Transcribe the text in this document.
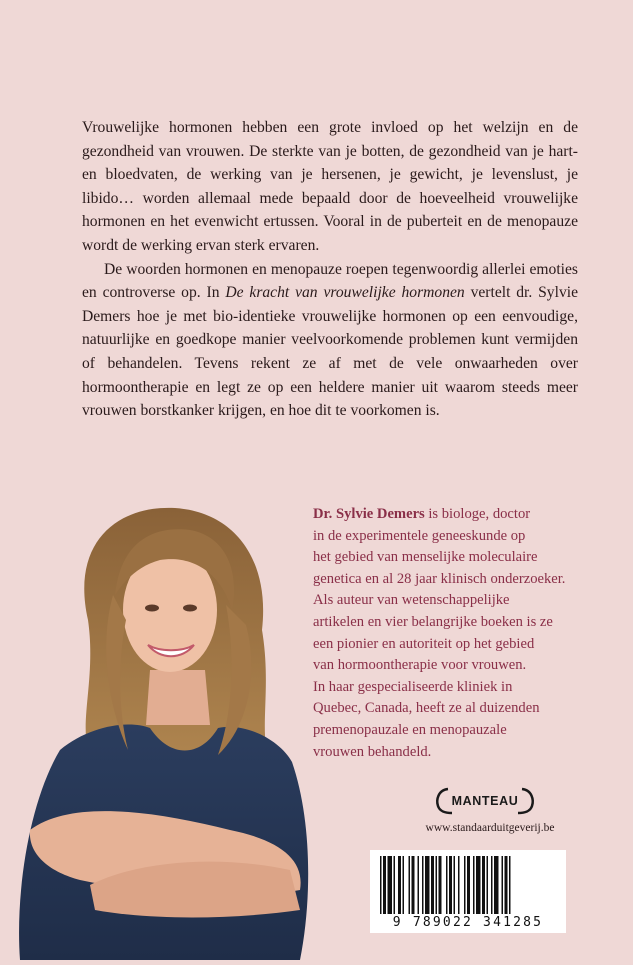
Vrouwelijke hormonen hebben een grote invloed op het welzijn en de gezondheid van vrouwen. De sterkte van je botten, de gezondheid van je hart- en bloedvaten, de werking van je hersenen, je gewicht, je levenslust, je libido… worden allemaal mede bepaald door de hoeveelheid vrouwelijke hormonen en het evenwicht ertussen. Vooral in de puberteit en de menopauze wordt de werking ervan sterk ervaren.

De woorden hormonen en menopauze roepen tegenwoordig allerlei emoties en controverse op. In De kracht van vrouwelijke hormonen vertelt dr. Sylvie Demers hoe je met bio-identieke vrouwelijke hormonen op een eenvoudige, natuurlijke en goedkope manier veelvoorkomende problemen kunt vermijden of behandelen. Tevens rekent ze af met de vele onwaarheden over hormoontherapie en legt ze op een heldere manier uit waarom steeds meer vrouwen borstkanker krijgen, en hoe dit te voorkomen is.

Dr. Sylvie Demers is biologe, doctor
in de experimentele geneeskunde op
het gebied van menselijke moleculaire
genetica en al 28 jaar klinisch onderzoeker.
Als auteur van wetenschappelijke
artikelen en vier belangrijke boeken is ze
een pionier en autoriteit op het gebied
van hormoontherapie voor vrouwen.
In haar gespecialiseerde kliniek in
Quebec, Canada, heeft ze al duizenden
premenopauzale en menopauzale
vrouwen behandeld.

MANTEAU
www.standaarduitgeverij.be
9 789022 341285
